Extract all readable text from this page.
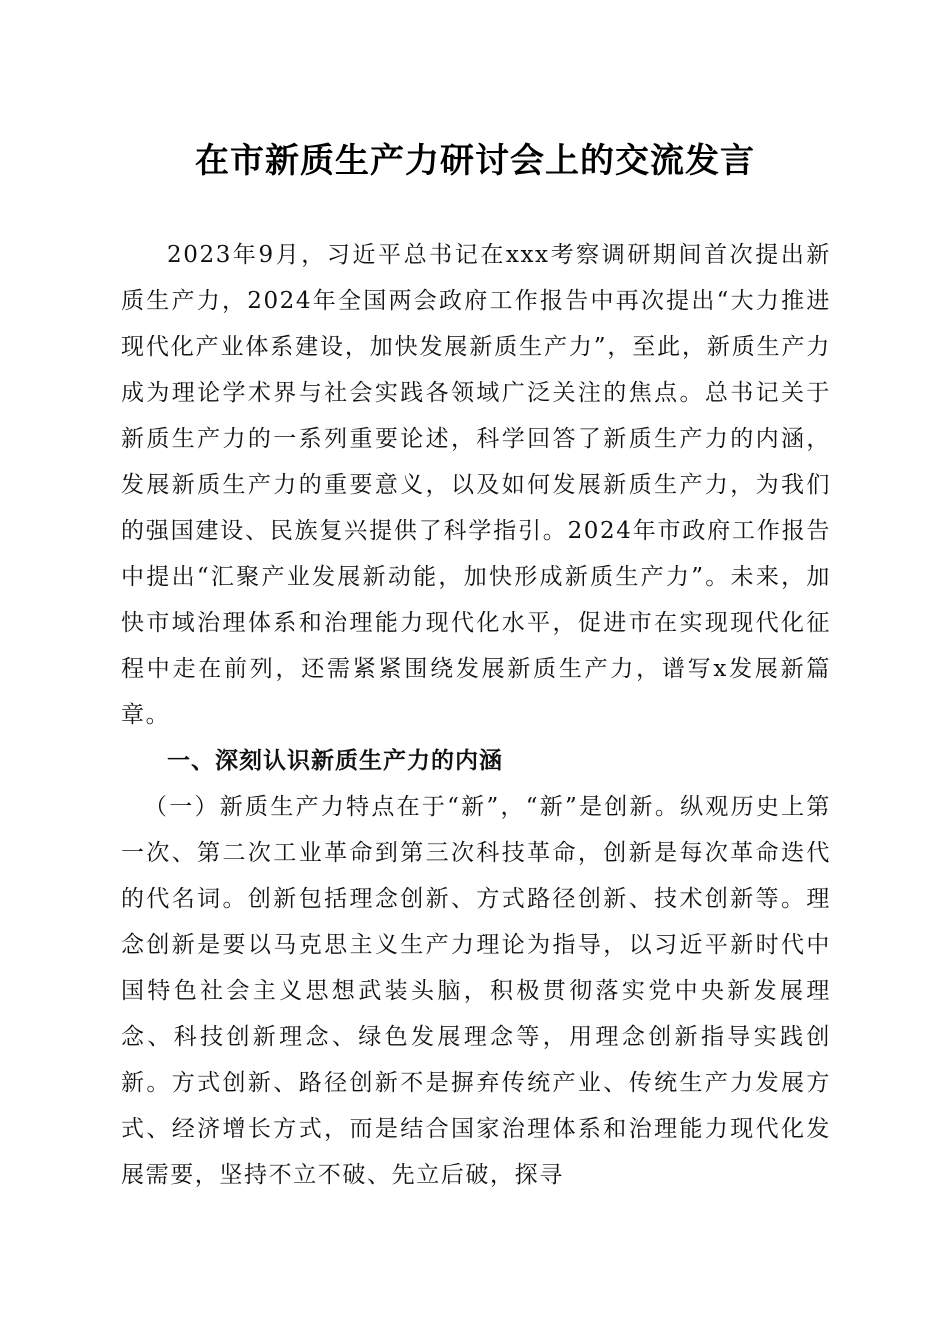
在市新质生产力研讨会上的交流发言

2023年9月，习近平总书记在xxx考察调研期间首次提出新质生产力，2024年全国两会政府工作报告中再次提出“大力推进现代化产业体系建设，加快发展新质生产力”，至此，新质生产力成为理论学术界与社会实践各领域广泛关注的焦点。总书记关于新质生产力的一系列重要论述，科学回答了新质生产力的内涵，发展新质生产力的重要意义，以及如何发展新质生产力，为我们的强国建设、民族复兴提供了科学指引。2024年市政府工作报告中提出“汇聚产业发展新动能，加快形成新质生产力”。未来，加快市域治理体系和治理能力现代化水平，促进市在实现现代化征程中走在前列，还需紧紧围绕发展新质生产力，谱写x发展新篇章。

一、深刻认识新质生产力的内涵

（一）新质生产力特点在于“新”，“新”是创新。纵观历史上第一次、第二次工业革命到第三次科技革命，创新是每次革命迭代的代名词。创新包括理念创新、方式路径创新、技术创新等。理念创新是要以马克思主义生产力理论为指导，以习近平新时代中国特色社会主义思想武装头脑，积极贯彻落实党中央新发展理念、科技创新理念、绿色发展理念等，用理念创新指导实践创新。方式创新、路径创新不是摒弃传统产业、传统生产力发展方式、经济增长方式，而是结合国家治理体系和治理能力现代化发展需要，坚持不立不破、先立后破，探寻
